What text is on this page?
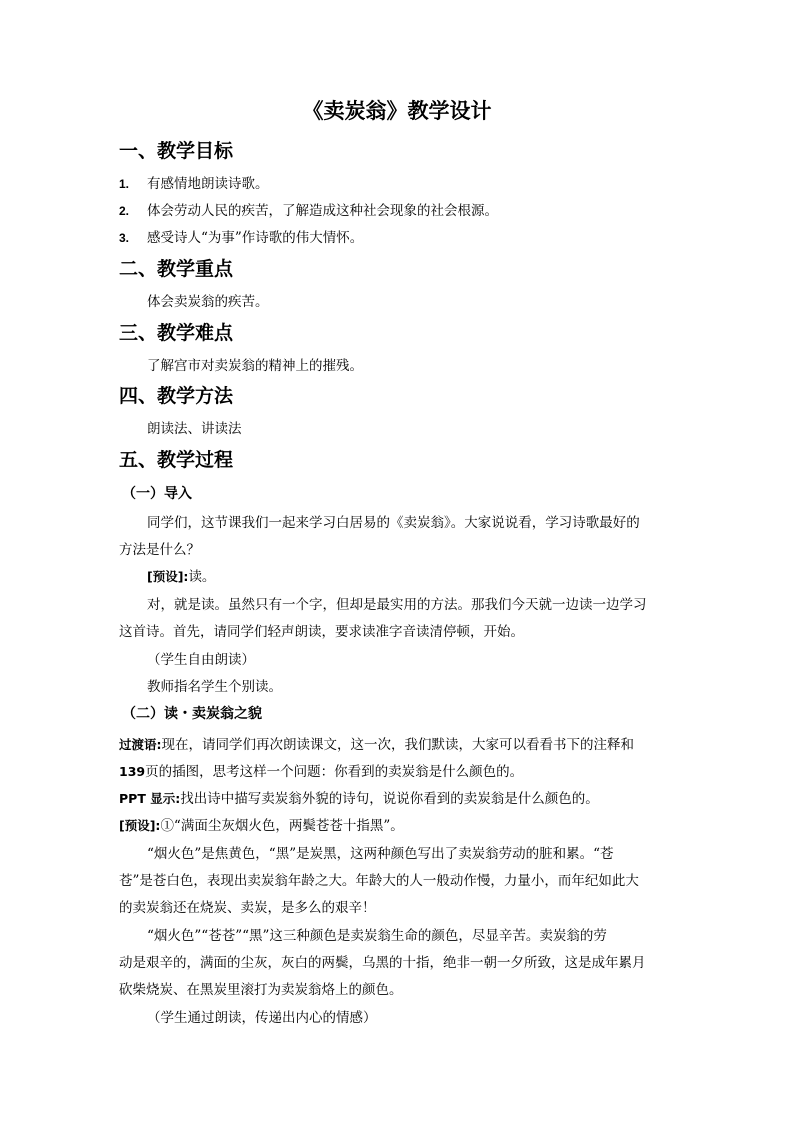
《卖炭翁》教学设计
一、教学目标
1. 有感情地朗读诗歌。
2. 体会劳动人民的疾苦，了解造成这种社会现象的社会根源。
3. 感受诗人“为事”作诗歌的伟大情怀。
二、教学重点
体会卖炭翁的疾苦。
三、教学难点
了解宫市对卖炭翁的精神上的摧残。
四、教学方法
朗读法、讲读法
五、教学过程
（一）导入
同学们，这节课我们一起来学习白居易的《卖炭翁》。大家说说看，学习诗歌最好的
方法是什么？
[预设]:读。
对，就是读。虽然只有一个字，但却是最实用的方法。那我们今天就一边读一边学习
这首诗。首先，请同学们轻声朗读，要求读准字音读清停顿，开始。
（学生自由朗读）
教师指名学生个别读。
（二）读・卖炭翁之貌
过渡语:现在，请同学们再次朗读课文，这一次，我们默读，大家可以看看书下的注释和
139页的插图，思考这样一个问题：你看到的卖炭翁是什么颜色的。
PPT 显示:找出诗中描写卖炭翁外貌的诗句，说说你看到的卖炭翁是什么颜色的。
[预设]:①“满面尘灰烟火色，两鬓苍苍十指黑”。
“烟火色”是焦黄色，“黑”是炭黑，这两种颜色写出了卖炭翁劳动的脏和累。“苍
苍”是苍白色，表现出卖炭翁年龄之大。年龄大的人一般动作慢，力量小，而年纪如此大
的卖炭翁还在烧炭、卖炭，是多么的艰辛！
“烟火色”“苍苍”“黑”这三种颜色是卖炭翁生命的颜色，尽显辛苦。卖炭翁的劳
动是艰辛的，满面的尘灰，灰白的两鬓，乌黑的十指，绝非一朝一夕所致，这是成年累月
砍柴烧炭、在黑炭里滚打为卖炭翁烙上的颜色。
（学生通过朗读，传递出内心的情感）
